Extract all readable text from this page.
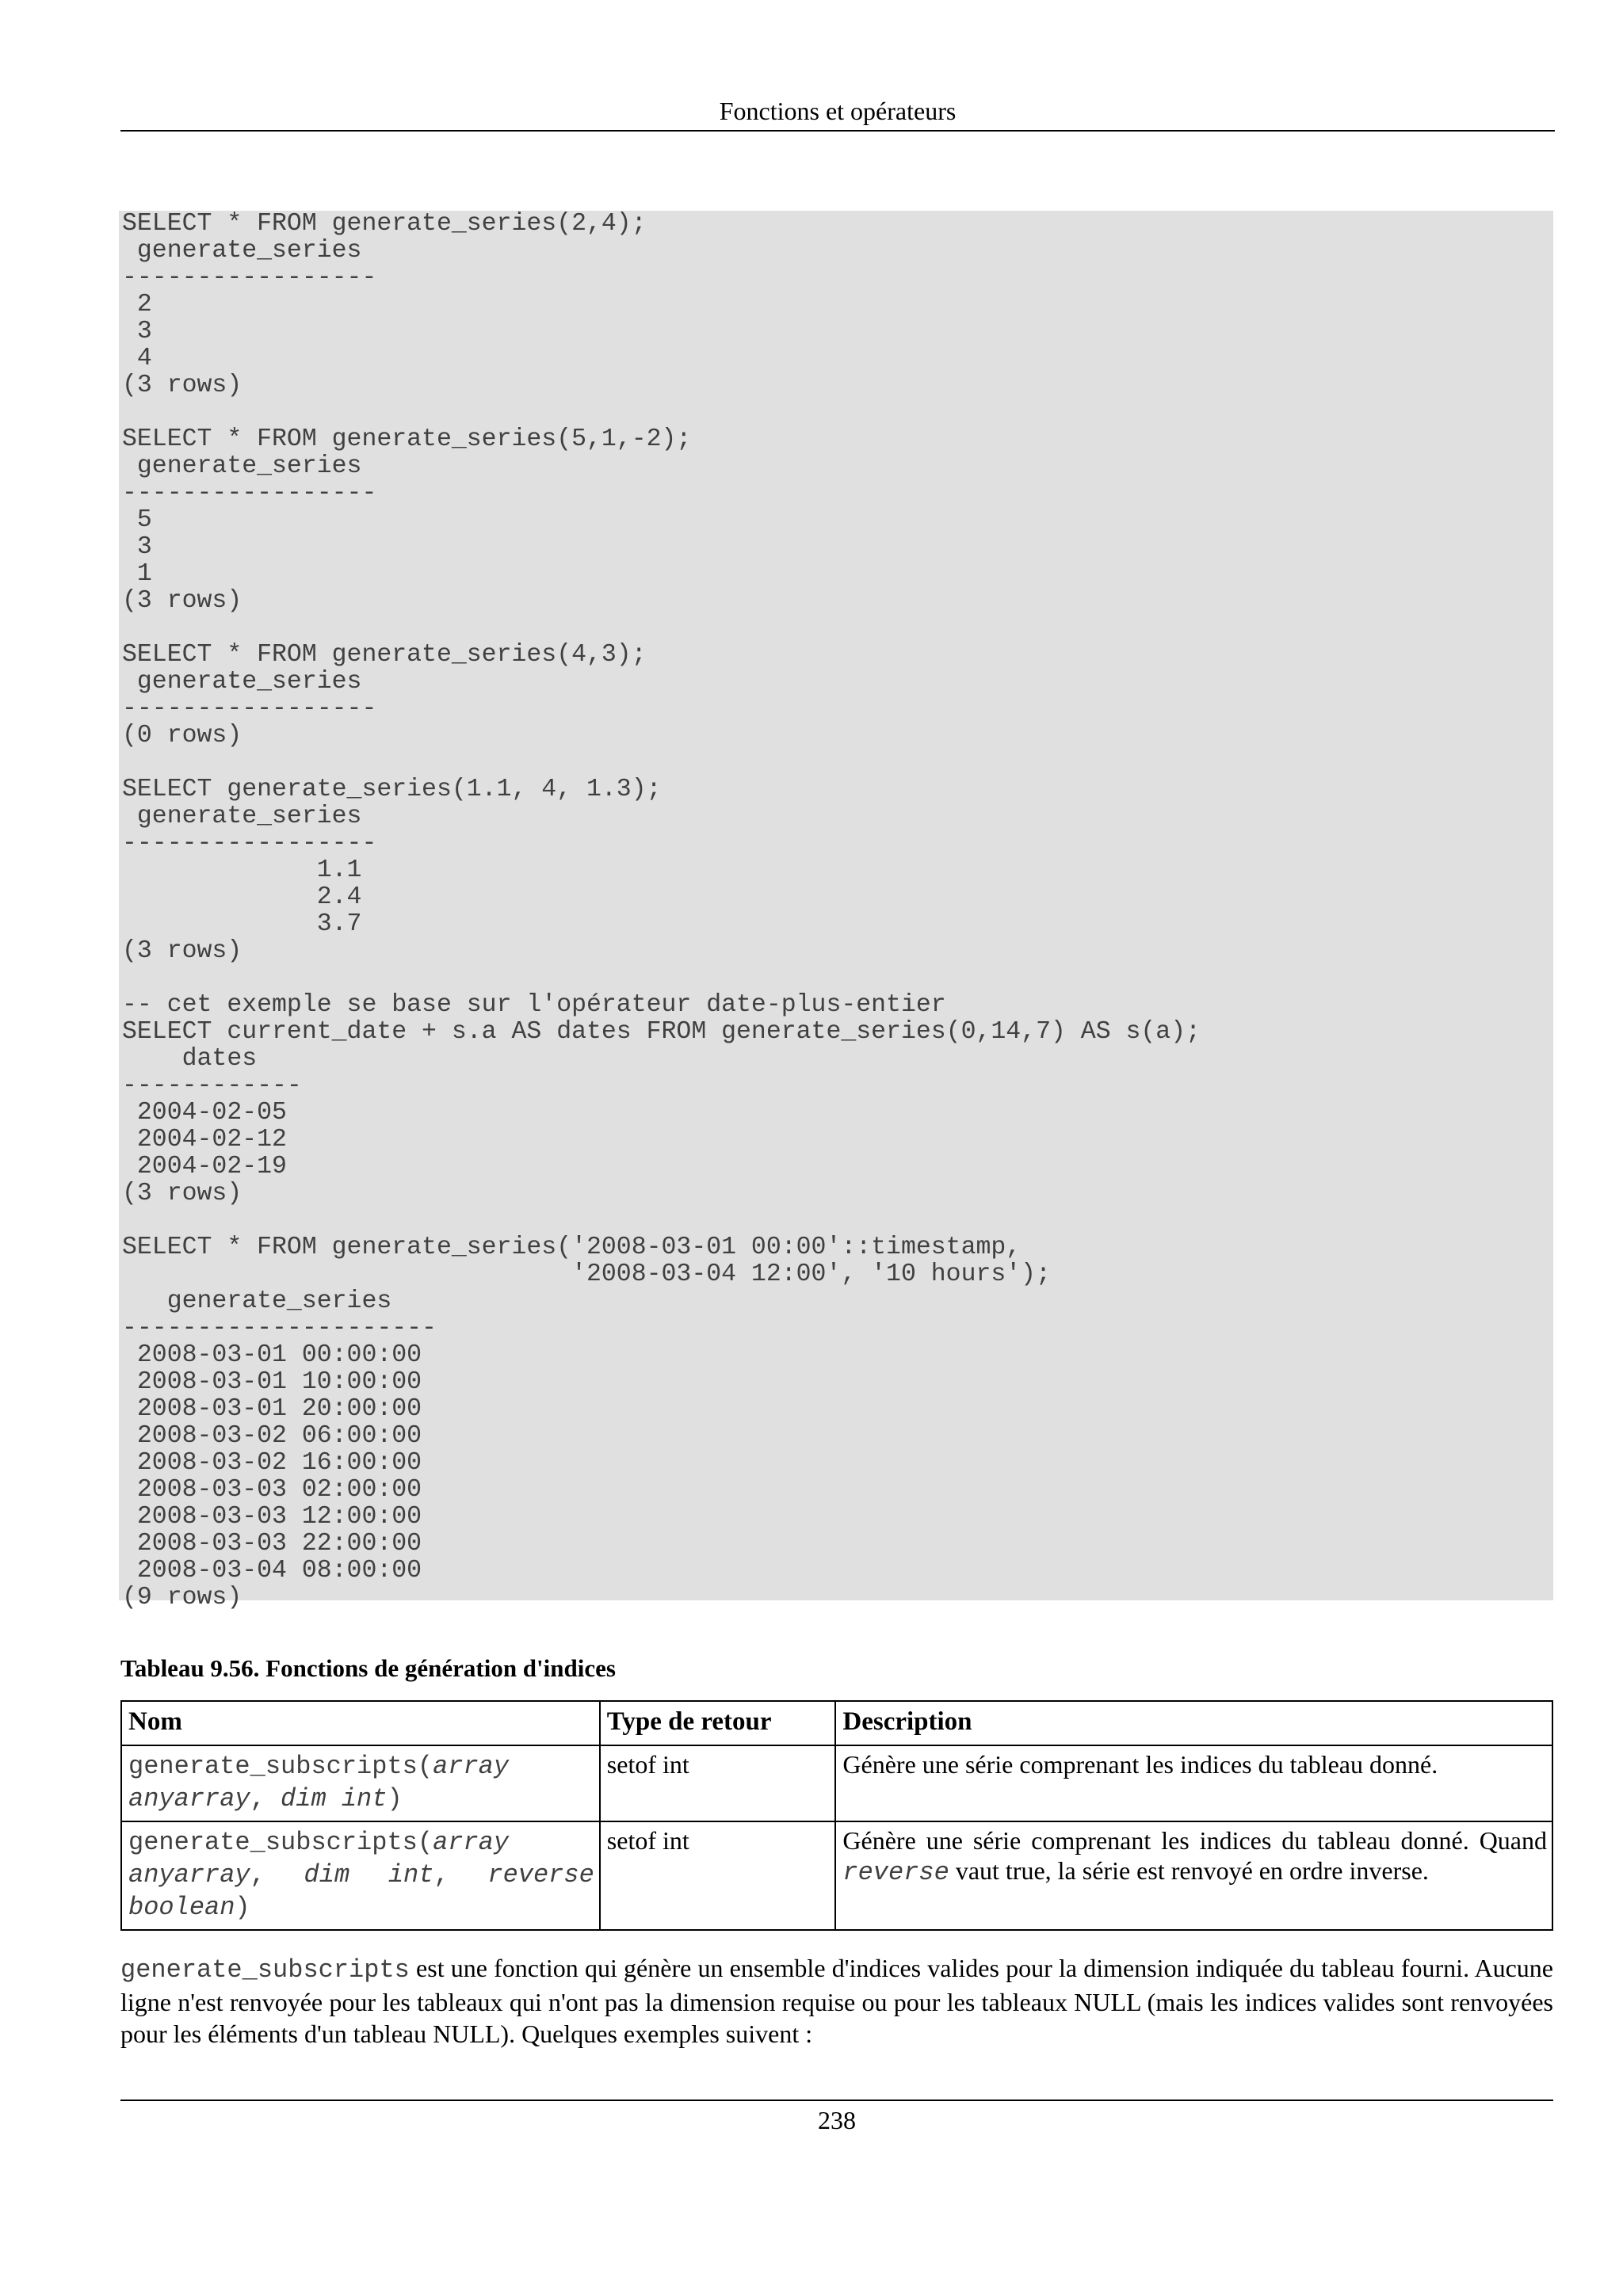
Fonctions et opérateurs
SELECT * FROM generate_series(2,4);
generate_series
-----------------
2
3
4
(3 rows)
SELECT * FROM generate_series(5,1,-2);
generate_series
-----------------
5
3
1
(3 rows)
SELECT * FROM generate_series(4,3);
generate_series
-----------------
(0 rows)
SELECT generate_series(1.1, 4, 1.3);
generate_series
-----------------
1.1
2.4
3.7
(3 rows)
-- cet exemple se base sur l'opérateur date-plus-entier
SELECT current_date + s.a AS dates FROM generate_series(0,14,7) AS s(a);
dates
------------
2004-02-05
2004-02-12
2004-02-19
(3 rows)
SELECT * FROM generate_series('2008-03-01 00:00'::timestamp,
'2008-03-04 12:00', '10 hours');
generate_series
---------------------
2008-03-01 00:00:00
2008-03-01 10:00:00
2008-03-01 20:00:00
2008-03-02 06:00:00
2008-03-02 16:00:00
2008-03-03 02:00:00
2008-03-03 12:00:00
2008-03-03 22:00:00
2008-03-04 08:00:00
(9 rows)
Tableau 9.56. Fonctions de génération d'indices
Nom	Type de retour	Description
generate_subscripts(array anyarray, dim int)	setof int	Génère une série comprenant les indices du tableau donné.
generate_subscripts(array anyarray, dim int, reverse boolean)	setof int	Génère une série comprenant les indices du tableau donné. Quand reverse vaut true, la série est renvoyé en ordre inverse.
generate_subscripts est une fonction qui génère un ensemble d'indices valides pour la dimension indiquée du tableau fourni. Aucune ligne n'est renvoyée pour les tableaux qui n'ont pas la dimension requise ou pour les tableaux NULL (mais les indices valides sont renvoyées pour les éléments d'un tableau NULL). Quelques exemples suivent :
238
